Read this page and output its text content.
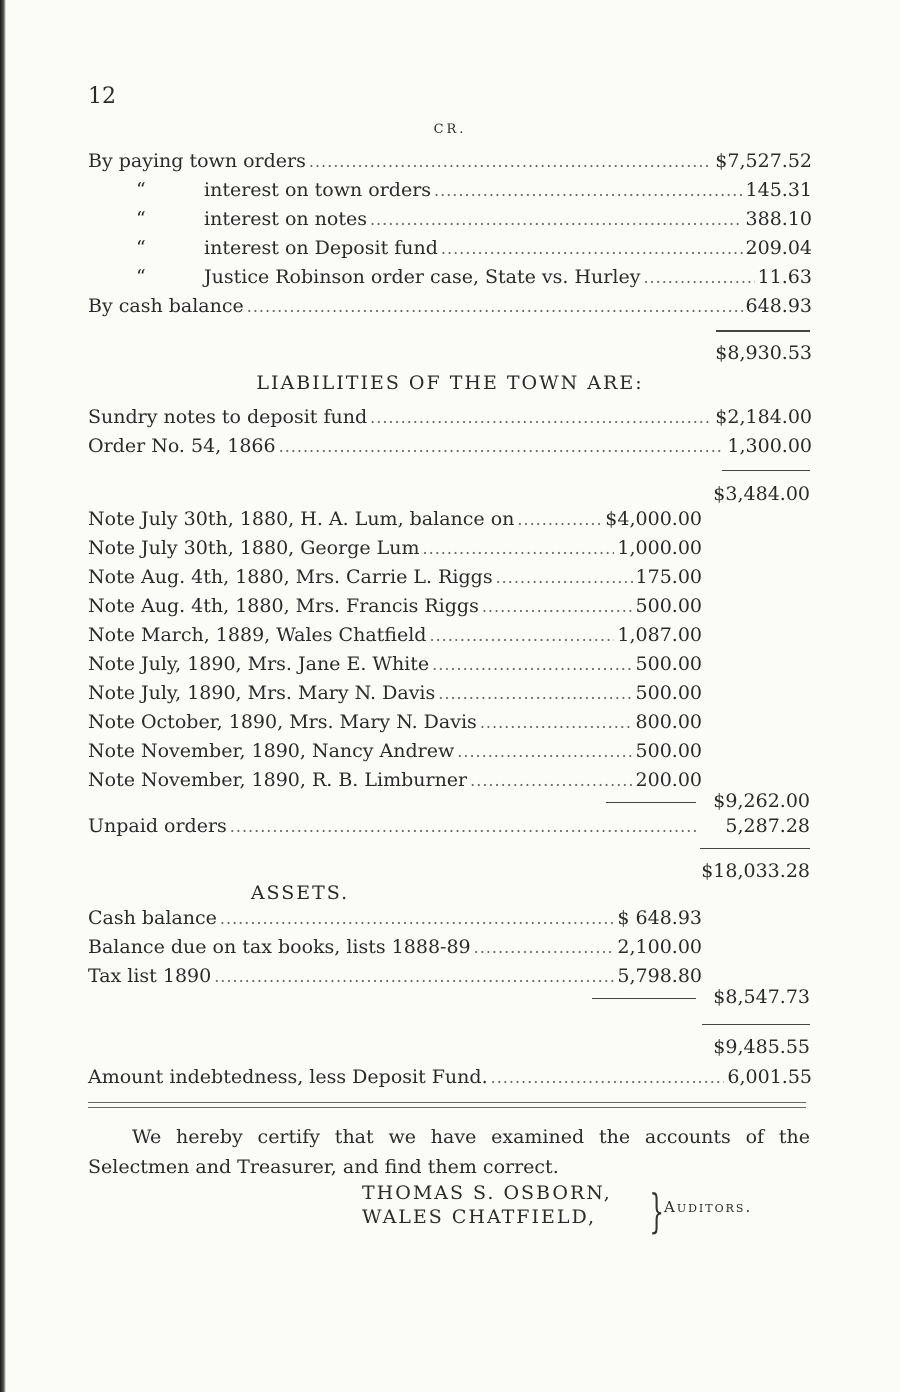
12
CR.
By paying town orders .....	$7,527.52
“	interest on town orders .....	145.31
“	interest on notes .....	388.10
“	interest on Deposit fund .....	209.04
“	Justice Robinson order case, State vs. Hurley .....	11.63
By cash balance .....	648.93
$8,930.53
LIABILITIES OF THE TOWN ARE:
Sundry notes to deposit fund .....	$2,184.00
Order No. 54, 1866 .....	1,300.00
$3,484.00
Note July 30th, 1880, H. A. Lum, balance on .....	$4,000.00
Note July 30th, 1880, George Lum .....	1,000.00
Note Aug. 4th, 1880, Mrs. Carrie L. Riggs .....	175.00
Note Aug. 4th, 1880, Mrs. Francis Riggs .....	500.00
Note March, 1889, Wales Chatfield .....	1,087.00
Note July, 1890, Mrs. Jane E. White .....	500.00
Note July, 1890, Mrs. Mary N. Davis .....	500.00
Note October, 1890, Mrs. Mary N. Davis .....	800.00
Note November, 1890, Nancy Andrew .....	500.00
Note November, 1890, R. B. Limburner .....	200.00
$9,262.00
Unpaid orders .....	5,287.28
$18,033.28
ASSETS.
Cash balance .....	$ 648.93
Balance due on tax books, lists 1888-89 .....	2,100.00
Tax list 1890 .....	5,798.80
$8,547.73
$9,485.55
Amount indebtedness, less Deposit Fund. .....	6,001.55
We hereby certify that we have examined the accounts of the Selectmen and Treasurer, and find them correct.
THOMAS S. OSBORN,
WALES CHATFIELD, } Auditors.
